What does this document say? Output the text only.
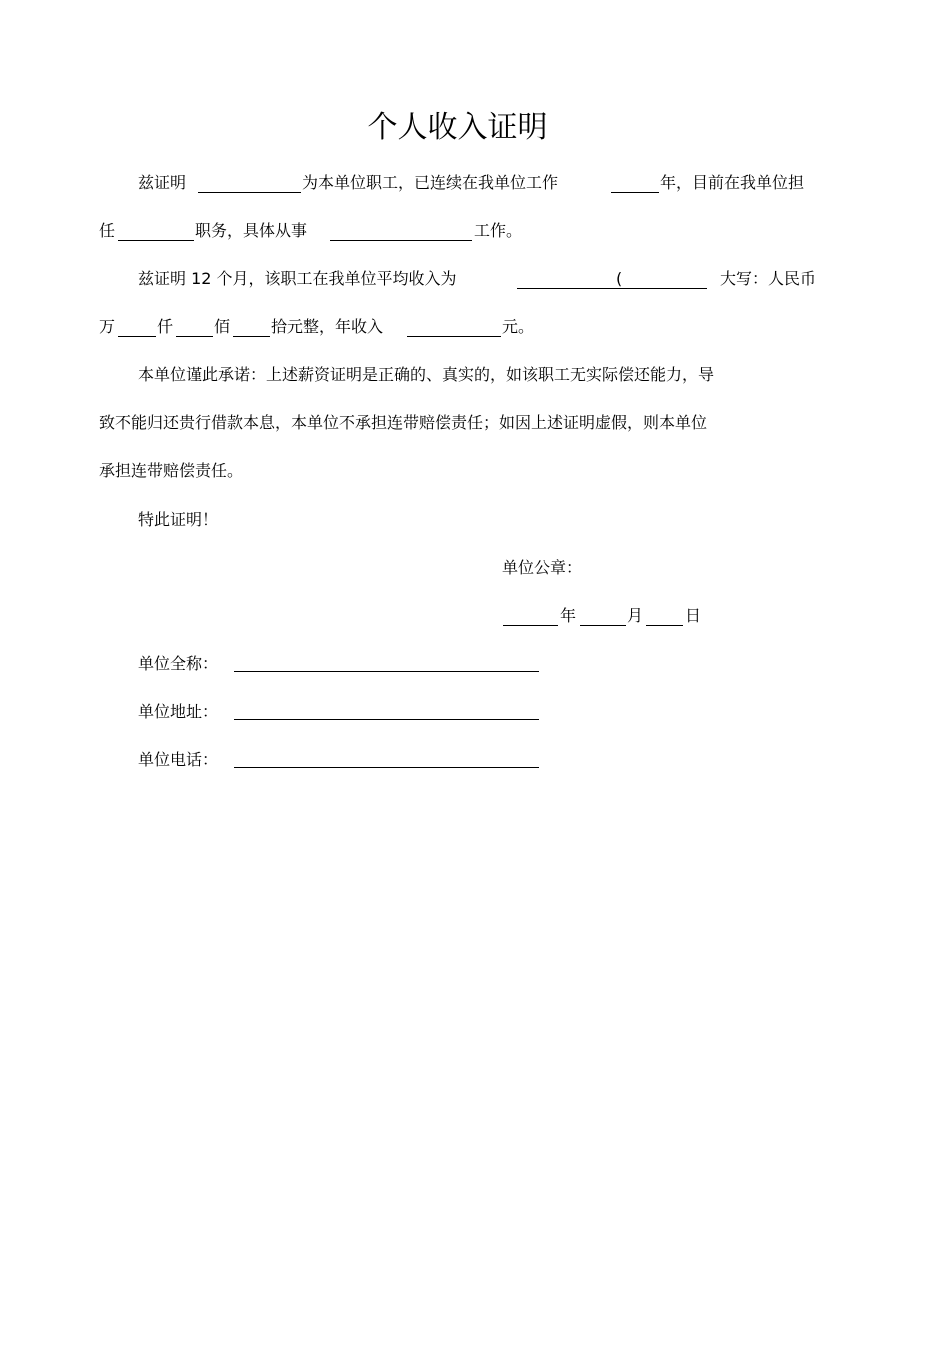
个人收入证明
兹证明	为本单位职工，已连续在我单位工作	年，目前在我单位担
任	职务，具体从事	工作。
兹证明 12 个月，该职工在我单位平均收入为	(	大写：人民币
万	仟	佰	拾元整，年收入	元。
本单位谨此承诺：上述薪资证明是正确的、真实的，如该职工无实际偿还能力，导
致不能归还贵行借款本息，本单位不承担连带赔偿责任；如因上述证明虚假，则本单位
承担连带赔偿责任。
特此证明！
单位公章：
年	月	日
单位全称：
单位地址：
单位电话：
